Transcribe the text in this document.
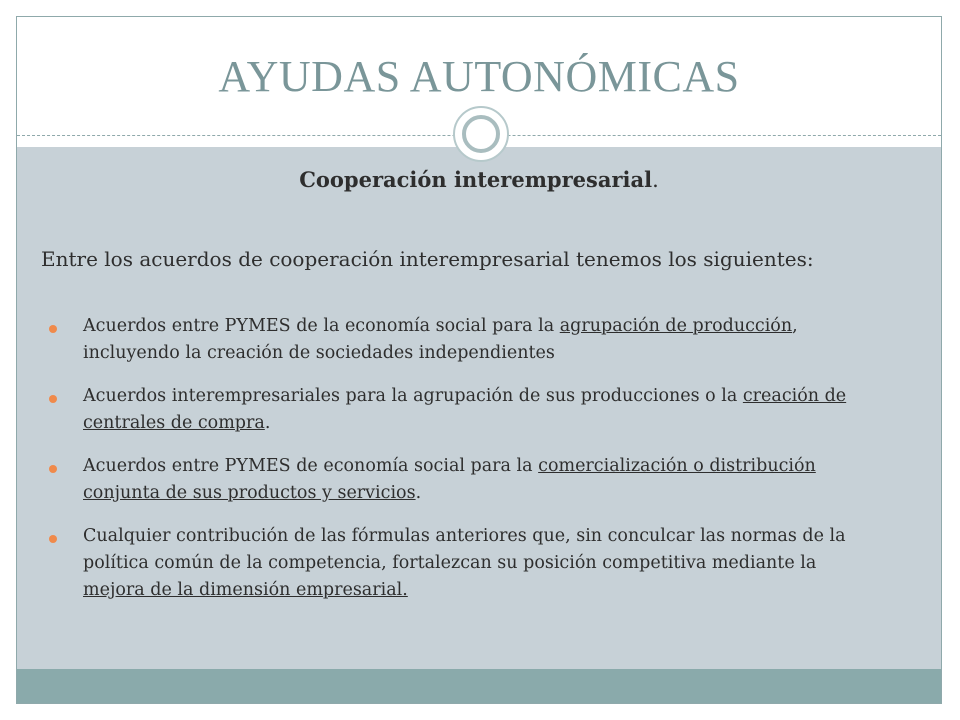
AYUDAS AUTONÓMICAS
Cooperación interempresarial.
Entre los acuerdos de cooperación interempresarial tenemos los siguientes:
Acuerdos entre PYMES de la economía social para la agrupación de producción, incluyendo la creación de sociedades independientes
Acuerdos interempresariales para la agrupación de sus producciones o la creación de centrales de compra.
Acuerdos entre PYMES de economía social para la comercialización o distribución conjunta de sus productos y servicios.
Cualquier contribución de las fórmulas anteriores que, sin conculcar las normas de la política común de la competencia, fortalezcan su posición competitiva mediante la mejora de la dimensión empresarial.
